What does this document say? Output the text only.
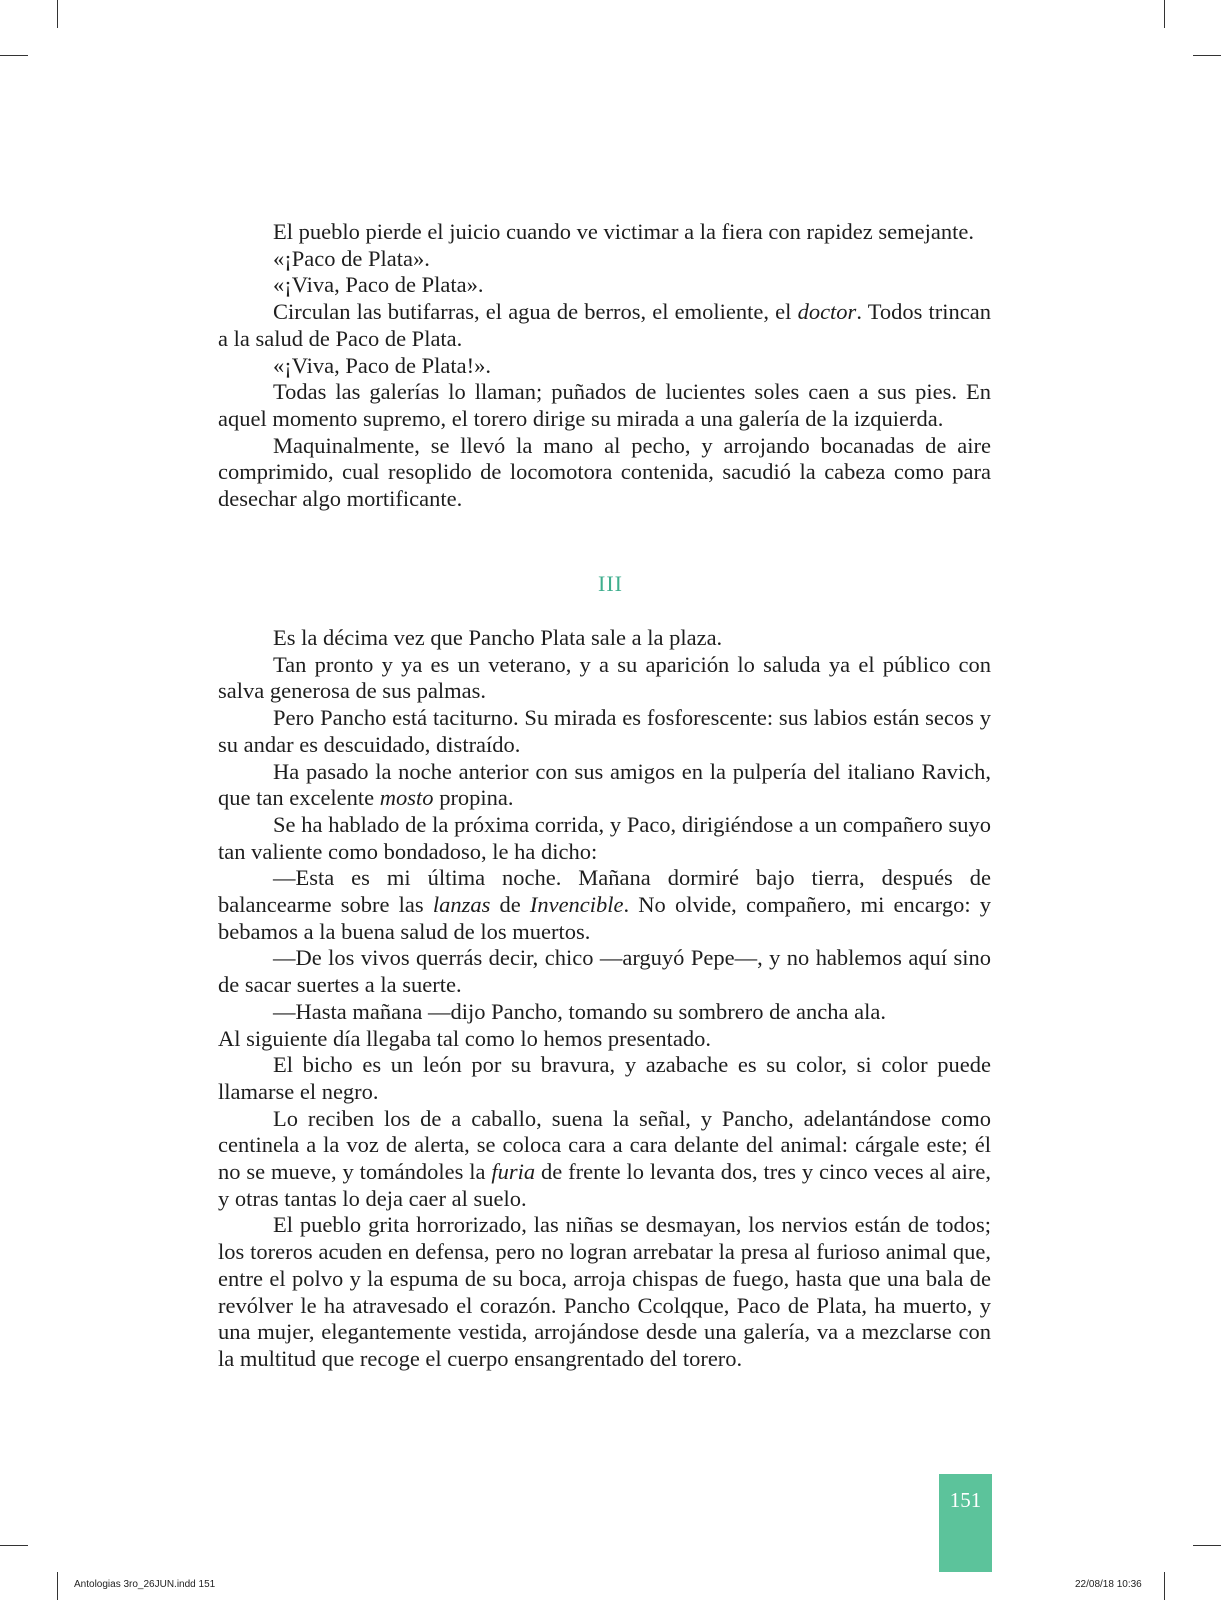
El pueblo pierde el juicio cuando ve victimar a la fiera con rapidez semejante.

«¡Paco de Plata».

«¡Viva, Paco de Plata».

Circulan las butifarras, el agua de berros, el emoliente, el doctor. Todos trincan a la salud de Paco de Plata.

«¡Viva, Paco de Plata!».

Todas las galerías lo llaman; puñados de lucientes soles caen a sus pies. En aquel momento supremo, el torero dirige su mirada a una galería de la izquierda.

Maquinalmente, se llevó la mano al pecho, y arrojando bocanadas de aire comprimido, cual resoplido de locomotora contenida, sacudió la cabeza como para desechar algo mortificante.

III

Es la décima vez que Pancho Plata sale a la plaza.

Tan pronto y ya es un veterano, y a su aparición lo saluda ya el público con salva generosa de sus palmas.

Pero Pancho está taciturno. Su mirada es fosforescente: sus labios están secos y su andar es descuidado, distraído.

Ha pasado la noche anterior con sus amigos en la pulpería del italiano Ravich, que tan excelente mosto propina.

Se ha hablado de la próxima corrida, y Paco, dirigiéndose a un compañero suyo tan valiente como bondadoso, le ha dicho:

—Esta es mi última noche. Mañana dormiré bajo tierra, después de balancearme sobre las lanzas de Invencible. No olvide, compañero, mi encargo: y bebamos a la buena salud de los muertos.

—De los vivos querrás decir, chico —arguyó Pepe—, y no hablemos aquí sino de sacar suertes a la suerte.

—Hasta mañana —dijo Pancho, tomando su sombrero de ancha ala.

Al siguiente día llegaba tal como lo hemos presentado.

El bicho es un león por su bravura, y azabache es su color, si color puede llamarse el negro.

Lo reciben los de a caballo, suena la señal, y Pancho, adelantándose como centinela a la voz de alerta, se coloca cara a cara delante del animal: cárgale este; él no se mueve, y tomándoles la furia de frente lo levanta dos, tres y cinco veces al aire, y otras tantas lo deja caer al suelo.

El pueblo grita horrorizado, las niñas se desmayan, los nervios están de todos; los toreros acuden en defensa, pero no logran arrebatar la presa al furioso animal que, entre el polvo y la espuma de su boca, arroja chispas de fuego, hasta que una bala de revólver le ha atravesado el corazón. Pancho Ccolqque, Paco de Plata, ha muerto, y una mujer, elegantemente vestida, arrojándose desde una galería, va a mezclarse con la multitud que recoge el cuerpo ensangrentado del torero.

151
Antologias 3ro_26JUN.indd 151	22/08/18 10:36
